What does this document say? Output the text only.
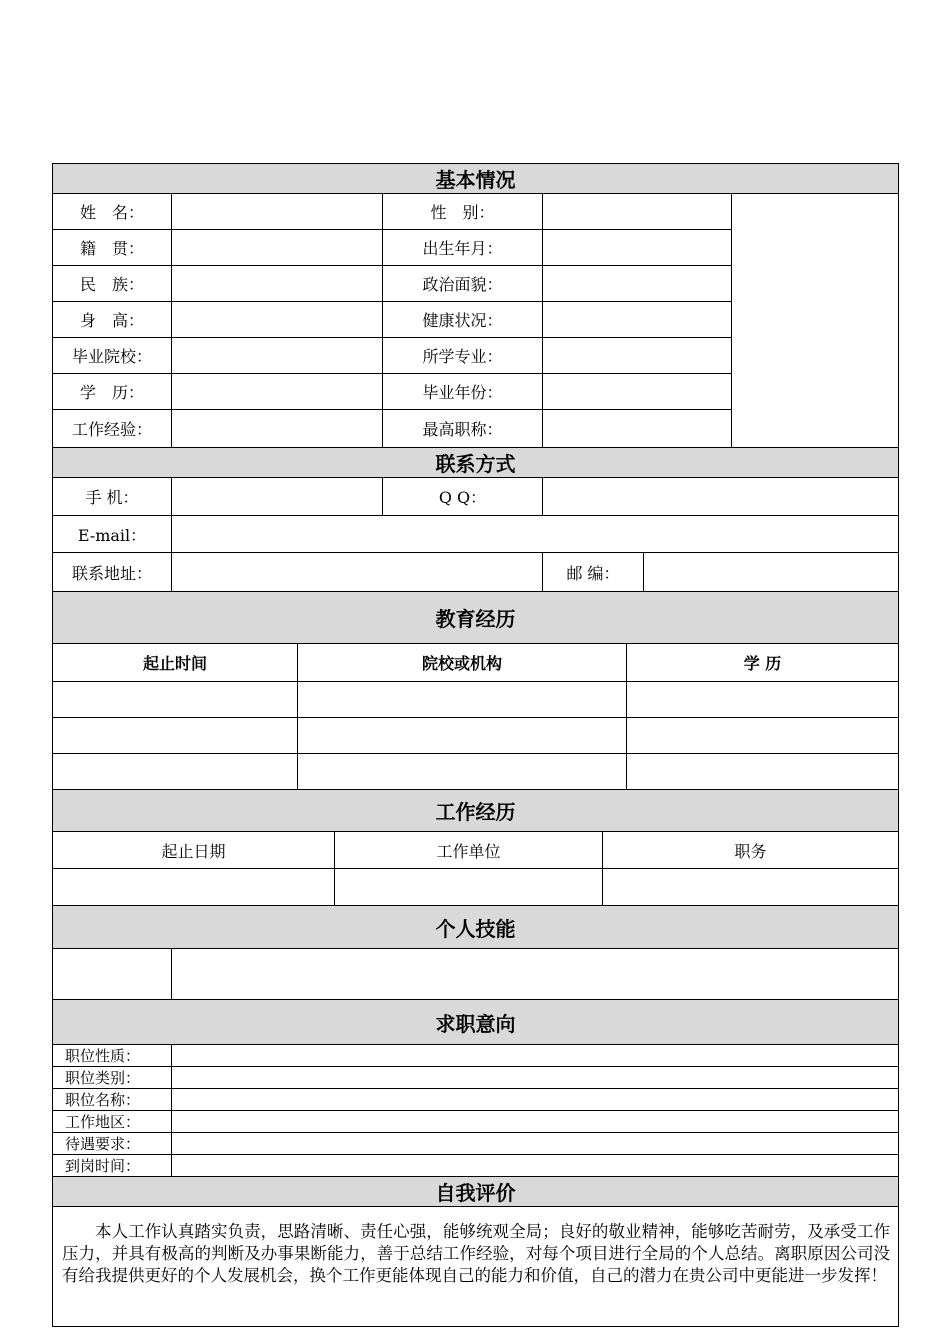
基本情况				
姓　名：		性　别：		
籍　贯：		出生年月：		
民　族：		政治面貌：		
身　高：		健康状况：		
毕业院校：		所学专业：		
学　历：		毕业年份：		
工作经验：		最高职称：		
联系方式				
手 机：		Q Q：		
E-mail：				
联系地址：			邮 编：	
教育经历		
起止时间	院校或机构	学 历

工作经历		
起止日期	工作单位	职务

个人技能

求职意向	
职位性质：	
职位类别：	
职位名称：	
工作地区：	
待遇要求：	
到岗时间：	
自我评价

本人工作认真踏实负责，思路清晰、责任心强，能够统观全局；良好的敬业精神，能够吃苦耐劳，及承受工作压力，并具有极高的判断及办事果断能力，善于总结工作经验，对每个项目进行全局的个人总结。离职原因公司没有给我提供更好的个人发展机会，换个工作更能体现自己的能力和价值，自己的潜力在贵公司中更能进一步发挥！
